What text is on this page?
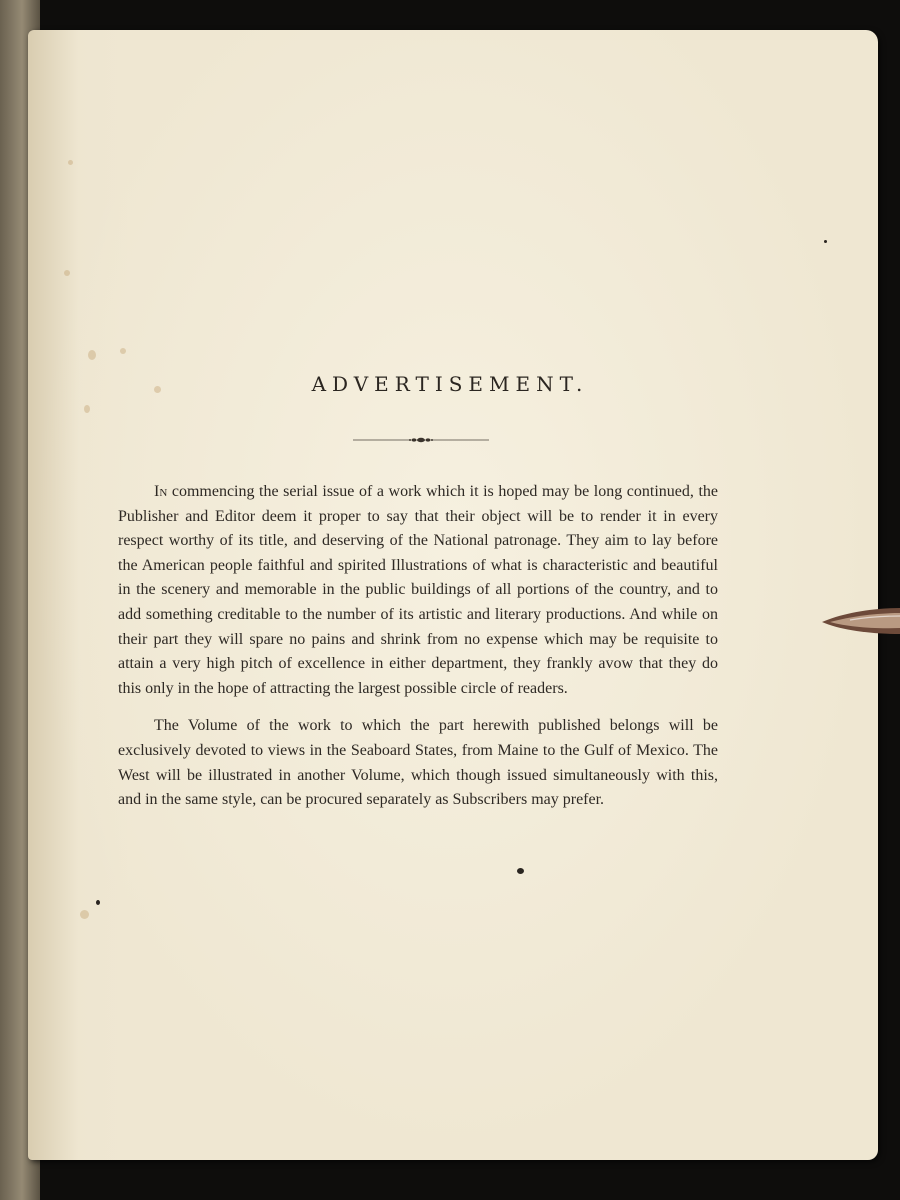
ADVERTISEMENT.

In commencing the serial issue of a work which it is hoped may be long continued, the Publisher and Editor deem it proper to say that their object will be to render it in every respect worthy of its title, and deserving of the National patronage. They aim to lay before the American people faithful and spirited Illustrations of what is characteristic and beautiful in the scenery and memorable in the public buildings of all portions of the country, and to add something creditable to the number of its artistic and literary productions. And while on their part they will spare no pains and shrink from no expense which may be requisite to attain a very high pitch of excellence in either department, they frankly avow that they do this only in the hope of attracting the largest possible circle of readers.

The Volume of the work to which the part herewith published belongs will be exclusively devoted to views in the Seaboard States, from Maine to the Gulf of Mexico. The West will be illustrated in another Volume, which though issued simultaneously with this, and in the same style, can be procured separately as Subscribers may prefer.
